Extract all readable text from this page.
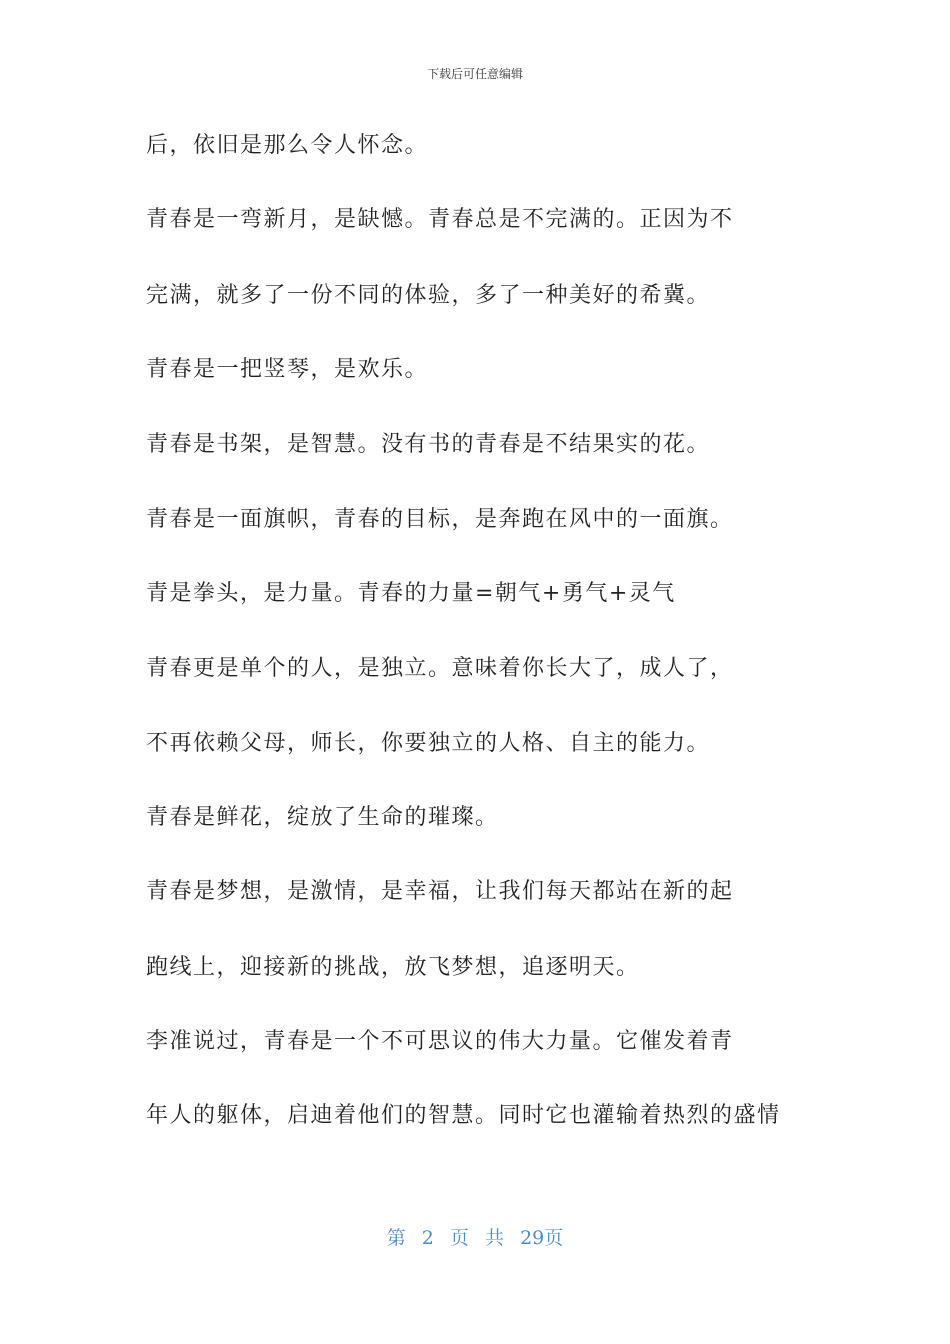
下载后可任意编辑
后，依旧是那么令人怀念。
青春是一弯新月，是缺憾。青春总是不完满的。正因为不
完满，就多了一份不同的体验，多了一种美好的希冀。
青春是一把竖琴，是欢乐。
青春是书架，是智慧。没有书的青春是不结果实的花。
青春是一面旗帜，青春的目标，是奔跑在风中的一面旗。
青是拳头，是力量。青春的力量=朝气+勇气+灵气
青春更是单个的人，是独立。意味着你长大了，成人了，
不再依赖父母，师长，你要独立的人格、自主的能力。
青春是鲜花，绽放了生命的璀璨。
青春是梦想，是激情，是幸福，让我们每天都站在新的起
跑线上，迎接新的挑战，放飞梦想，追逐明天。
李准说过，青春是一个不可思议的伟大力量。它催发着青
年人的躯体，启迪着他们的智慧。同时它也灌输着热烈的盛情
第 2 页 共 29页
